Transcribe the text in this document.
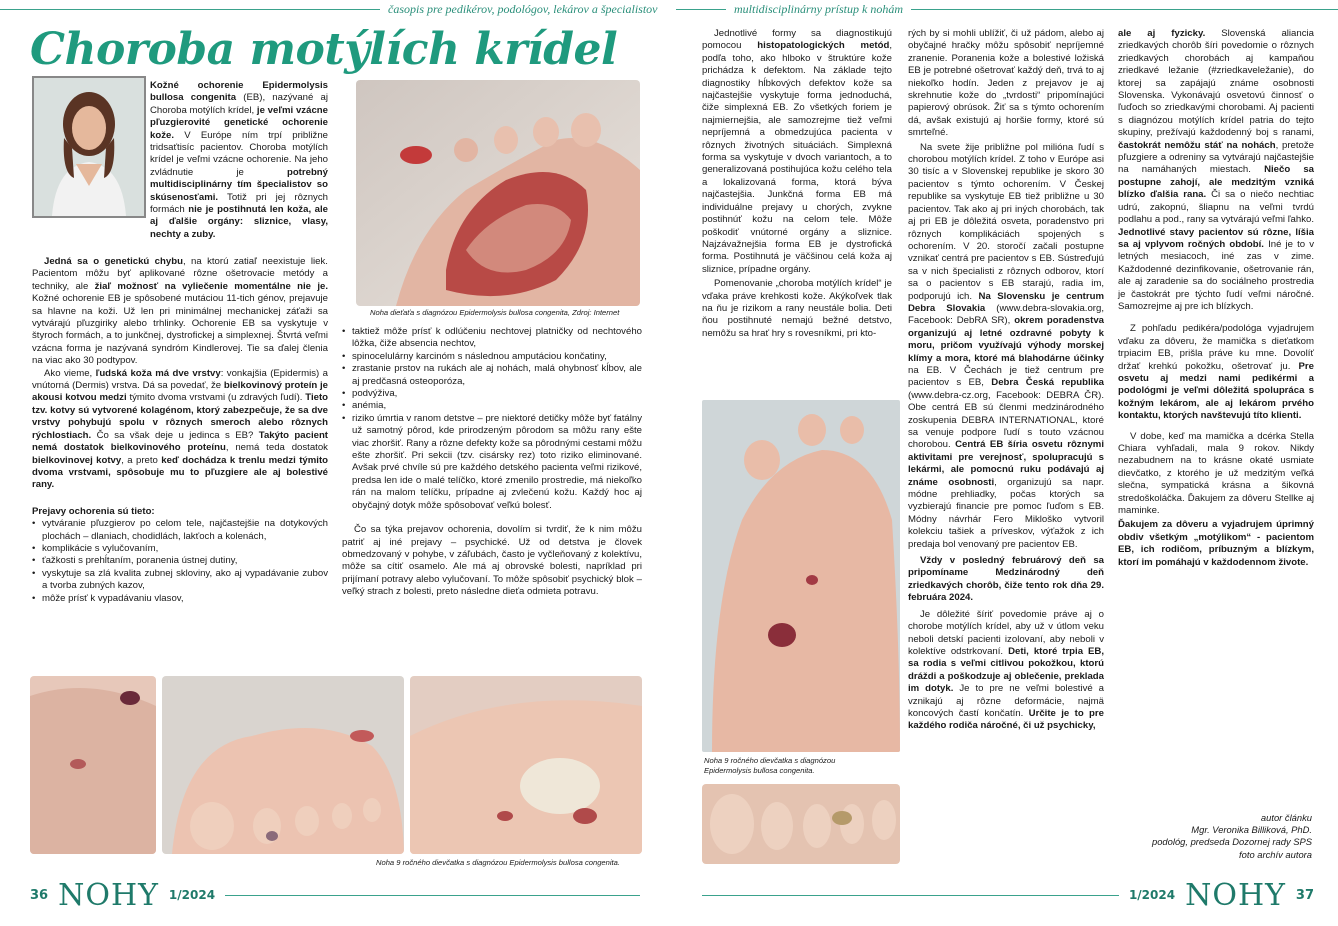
časopis pre pedikérov, podológov, lekárov a špecialistov
Choroba motýlích krídel

Kožné ochorenie Epidermolysis bullosa congenita (EB), nazývané aj Choroba motýlích krídel, je veľmi vzácne pľuzgierovité genetické ochorenie kože. V Európe ním trpí približne tridsaťtisíc pacientov. Choroba motýlích krídel je veľmi vzácne ochorenie. Na jeho zvládnutie je potrebný multidisciplinárny tím špecialistov so skúsenosťami. Totiž pri jej rôznych formách nie je postihnutá len koža, ale aj ďalšie orgány: sliznice, vlasy, nechty a zuby.

Jedná sa o genetickú chybu, na ktorú zatiaľ neexistuje liek. Pacientom môžu byť aplikované rôzne ošetrovacie metódy a techniky, ale žiaľ možnosť na vyliečenie momentálne nie je. Kožné ochorenie EB je spôsobené mutáciou 11-tich génov, prejavuje sa hlavne na koži. Už len pri minimálnej mechanickej záťaži sa vytvárajú pľuzgiriky alebo trhlinky. Ochorenie EB sa vyskytuje v štyroch formách, a to junkčnej, dystrofickej a simplexnej. Štvrtá veľmi vzácna forma je nazývaná syndróm Kindlerovej. Tie sa ďalej členia na viac ako 30 podtypov.

Ako vieme, ľudská koža má dve vrstvy: vonkajšia (Epidermis) a vnútorná (Dermis) vrstva. Dá sa povedať, že bielkovinový proteín je akousi kotvou medzi týmito dvoma vrstvami (u zdravých ľudí). Tieto tzv. kotvy sú vytvorené kolagénom, ktorý zabezpečuje, že sa dve vrstvy pohybujú spolu v rôznych smeroch alebo rôznych rýchlostiach. Čo sa však deje u jedinca s EB? Takýto pacient nemá dostatok bielkovinového proteínu, nemá teda dostatok bielkovinovej kotvy, a preto keď dochádza k trenlu medzi týmito dvoma vrstvami, spôsobuje mu to pľuzgiere ale aj bolestivé rany.

Prejavy ochorenia sú tieto:

• vytváranie pľuzgierov po celom tele, najčastejšie na dotykových plochách – dlaniach, chodidlách, lakťoch a kolenách,
• komplikácie s vylučovaním,
• ťažkosti s prehĺtaním, poranenia ústnej dutiny,
• vyskytuje sa zlá kvalita zubnej skloviny, ako aj vypadávanie zubov a tvorba zubných kazov,
• môže prísť k vypadávaniu vlasov,
Noha dieťaťa s diagnózou Epidermolysis bullosa congenita, Zdroj: Internet
• taktiež môže prísť k odlúčeniu nechtovej platničky od nechtového lôžka, čiže absencia nechtov,
• spinocelulárny karcinóm s následnou amputáciou končatiny,
• zrastanie prstov na rukách ale aj nohách, malá ohybnosť kĺbov, ale aj predčasná osteoporóza,
• podvýživa,
• anémia,
• riziko úmrtia v ranom detstve – pre niektoré detičky môže byť fatálny už samotný pôrod, kde prirodzeným pôrodom sa môžu rany ešte viac zhoršiť. Rany a rôzne defekty kože sa pôrodnými cestami môžu ešte zhoršiť. Pri sekcii (tzv. cisársky rez) toto riziko eliminované. Avšak prvé chvíle sú pre každého detského pacienta veľmi rizikové, predsa len ide o malé telíčko, ktoré zmenilo prostredie, má niekoľko rán na malom telíčku, prípadne aj zvlečenú kožu. Každý hoc aj obyčajný dotyk môže spôsobovať veľkú bolesť.

Čo sa týka prejavov ochorenia, dovolím si tvrdiť, že k nim môžu patriť aj iné prejavy – psychické. Už od detstva je človek obmedzovaný v pohybe, v záľubách, často je vyčleňovaný z kolektívu, môže sa cítiť osamelo. Ale má aj obrovské bolesti, napríklad pri prijímaní potravy alebo vylučovaní. To môže spôsobiť psychický blok – veľký strach z bolesti, preto následne dieťa odmieta potravu.

Noha 9 ročného dievčatka s diagnózou Epidermolysis bullosa congenita.
36 NOHY 1/2024
multidisciplinárny prístup k nohám

Jednotlivé formy sa diagnostikujú pomocou histopatologických metód, podľa toho, ako hlboko v štruktúre kože prichádza k defektom. Na základe tejto diagnostiky hĺbkových defektov kože sa najčastejšie vyskytuje forma jednoduchá, čiže simplexná EB. Zo všetkých foriem je najmiernejšia, ale samozrejme tiež veľmi nepríjemná a obmedzujúca pacienta v rôznych životných situáciách. Simplexná forma sa vyskytuje v dvoch variantoch, a to generalizovaná postihujúca kožu celého tela a lokalizovaná forma, ktorá býva najčastejšia. Junkčná forma EB má individuálne prejavy u chorých, zvykne postihnúť kožu na celom tele. Môže poškodiť vnútorné orgány a sliznice. Najzávažnejšia forma EB je dystrofická forma. Postihnutá je väčšinou celá koža aj sliznice, prípadne orgány.

Pomenovanie „choroba motýlích krídel“ je vďaka práve krehkosti kože. Akýkoľvek tlak na ňu je rizikom a rany neustále bolia. Deti ňou postihnuté nemajú bežné detstvo, nemôžu sa hrať hry s rovesníkmi, pri kto-

Noha 9 ročného dievčatka s diagnózou
Epidermolysis bullosa congenita.

rých by si mohli ublížiť, či už pádom, alebo aj obyčajné hračky môžu spôsobiť nepríjemné zranenie. Poranenia kože a bolestivé ložiská EB je potrebné ošetrovať každý deň, trvá to aj niekoľko hodín. Jeden z prejavov je aj skrehnutie kože do „tvrdosti“ pripomínajúci papierový obrúsok. Žiť sa s týmto ochorením dá, avšak existujú aj horšie formy, ktoré sú smrteľné.

Na svete žije približne pol milióna ľudí s chorobou motýlích krídel. Z toho v Európe asi 30 tisíc a v Slovenskej republike je skoro 30 pacientov s týmto ochorením. V Českej republike sa vyskytuje EB tiež približne u 30 pacientov. Tak ako aj pri iných chorobách, tak aj pri EB je dôležitá osveta, poradenstvo pri rôznych komplikáciách spojených s ochorením. V 20. storočí začali postupne vznikať centrá pre pacientov s EB. Sústreďujú sa v nich špecialisti z rôznych odborov, ktorí sa o pacientov s EB starajú, radia im, podporujú ich. Na Slovensku je centrum Debra Slovakia (www.debra-slovakia.org, Facebook: DebRA SR), okrem poradenstva organizujú aj letné ozdravné pobyty k moru, pričom využívajú výhody morskej klímy a mora, ktoré má blahodárne účinky na EB. V Čechách je tiež centrum pre pacientov s EB, Debra Česká republika (www.debra-cz.org, Facebook: DEBRA ČR). Obe centrá EB sú členmi medzinárodného zoskupenia DEBRA INTERNATIONAL, ktoré sa venuje podpore ľudí s touto vzácnou chorobou. Centrá EB šíria osvetu rôznymi aktivitami pre verejnosť, spolupracujú s lekármi, ale pomocnú ruku podávajú aj známe osobnosti, organizujú sa napr. módne prehliadky, počas ktorých sa vyzbierajú financie pre pomoc ľuďom s EB. Módny návrhár Fero Mikloško vytvoril kolekciu tašiek a príveskov, výťažok z ich predaja bol venovaný pre pacientov EB.

Vždy v posledný februárový deň sa pripomíname Medzinárodný deň zriedkavých chorôb, čiže tento rok dňa 29. februára 2024.

Je dôležité šíriť povedomie práve aj o chorobe motýlích krídel, aby už v útlom veku neboli detskí pacienti izolovaní, aby neboli v kolektíve odstrkovaní. Deti, ktoré trpia EB, sa rodia s veľmi citlivou pokožkou, ktorú dráždi a poškodzuje aj oblečenie, preklada im dotyk. Je to pre ne veľmi bolestivé a vznikajú aj rôzne deformácie, najmä koncových častí končatín. Určite je to pre každého rodiča náročné, či už psychicky,

ale aj fyzicky. Slovenská aliancia zriedkavých chorôb šíri povedomie o rôznych zriedkavých chorobách aj kampaňou zriedkavé ležanie (#zriedkaveležanie), do ktorej sa zapájajú známe osobnosti Slovenska. Vykonávajú osvetovú činnosť o ľuďoch so zriedkavými chorobami. Aj pacienti s diagnózou motýlích krídel patria do tejto skupiny, prežívajú každodenný boj s ranami, častokrát nemôžu stáť na nohách, pretože pľuzgiere a odreniny sa vytvárajú najčastejšie na namáhaných miestach. Niečo sa postupne zahojí, ale medzitým vzniká blízko ďalšia rana. Či sa o niečo nechtiac udrú, zakopnú, šliapnu na veľmi tvrdú podlahu a pod., rany sa vytvárajú veľmi ľahko. Jednotlivé stavy pacientov sú rôzne, líšia sa aj vplyvom ročných období. Iné je to v letných mesiacoch, iné zas v zime. Každodenné dezinfikovanie, ošetrovanie rán, ale aj zaradenie sa do sociálneho prostredia je častokrát pre týchto ľudí veľmi náročné. Samozrejme aj pre ich blízkych.

Z pohľadu pedikéra/podológa vyjadrujem vďaku za dôveru, že mamička s dieťatkom trpiacim EB, prišla práve ku mne. Dovolíť držať krehkú pokožku, ošetrovať ju. Pre osvetu aj medzi nami pedikérmi a podológmi je veľmi dôležitá spolupráca s kožným lekárom, ale aj lekárom prvého kontaktu, ktorých navštevujú títo klienti.

V dobe, keď ma mamička a dcérka Stella Chiara vyhľadali, mala 9 rokov. Nikdy nezabudnem na to krásne okaté usmiate dievčatko, z ktorého je už medzitým veľká slečna, sympatická krásna a šikovná stredoškoláčka. Ďakujem za dôveru Stellke aj maminke.

Ďakujem za dôveru a vyjadrujem úprimný obdiv všetkým „motýlikom“ - pacientom EB, ich rodičom, príbuzným a blízkym, ktorí im pomáhajú v každodennom živote.

autor článku
Mgr. Veronika Billiková, PhD.
podológ, predseda Dozornej rady SPS
foto archív autora
1/2024 NOHY 37
